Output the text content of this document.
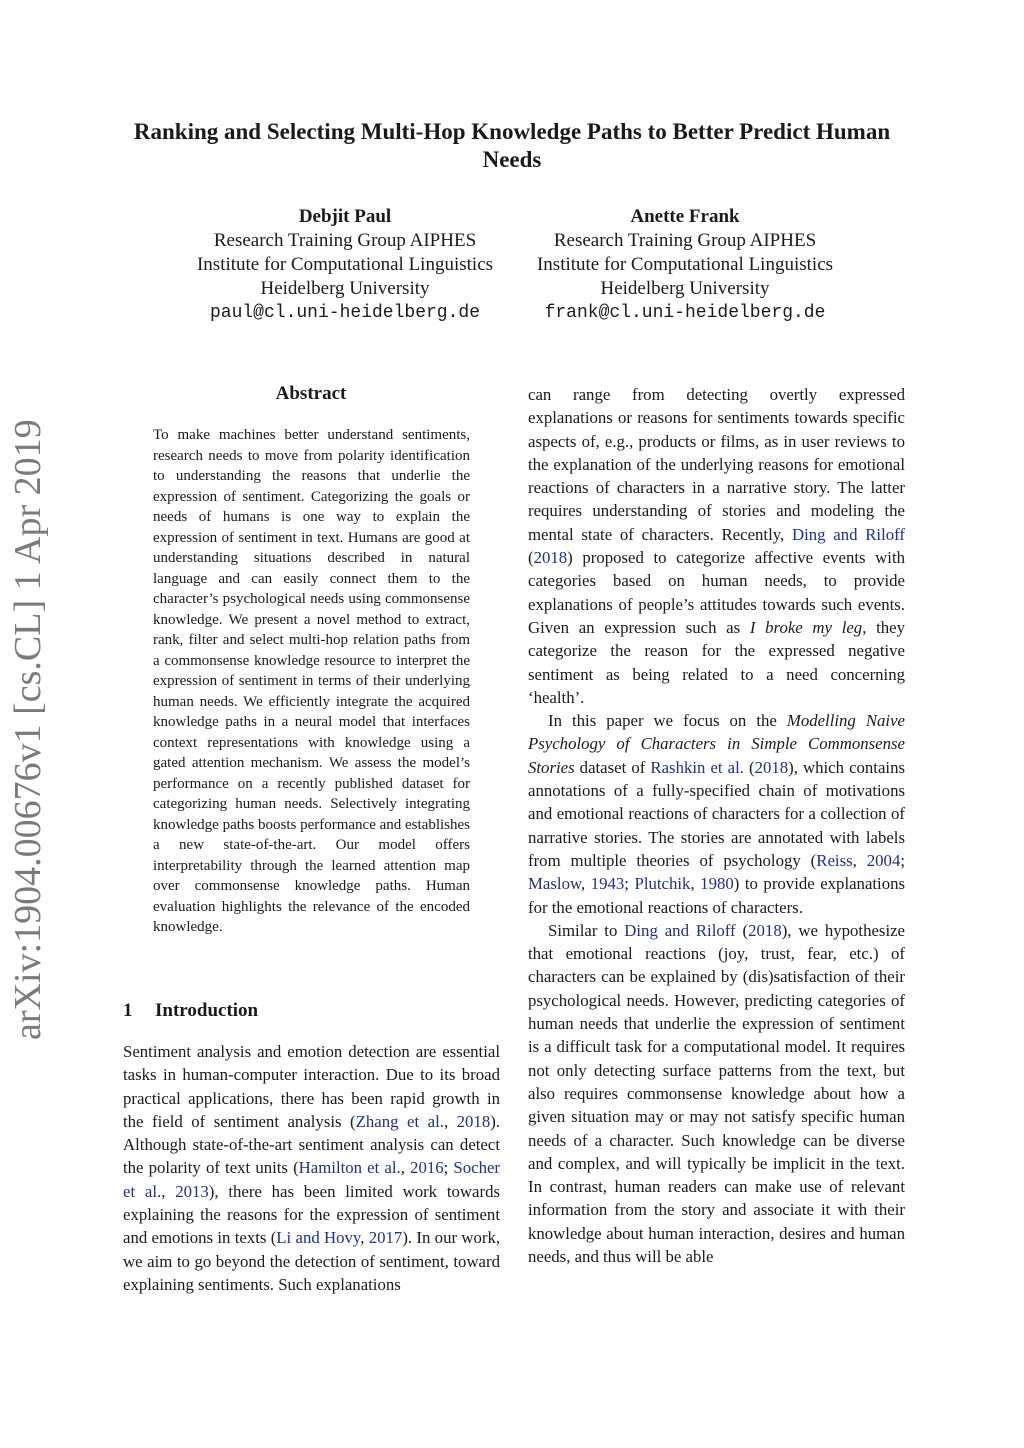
Ranking and Selecting Multi-Hop Knowledge Paths to Better Predict Human Needs
Debjit Paul
Research Training Group AIPHES
Institute for Computational Linguistics
Heidelberg University
paul@cl.uni-heidelberg.de
Anette Frank
Research Training Group AIPHES
Institute for Computational Linguistics
Heidelberg University
frank@cl.uni-heidelberg.de
arXiv:1904.00676v1 [cs.CL] 1 Apr 2019
Abstract

To make machines better understand sentiments, research needs to move from polarity identification to understanding the reasons that underlie the expression of sentiment. Categorizing the goals or needs of humans is one way to explain the expression of sentiment in text. Humans are good at understanding situations described in natural language and can easily connect them to the character’s psychological needs using commonsense knowledge. We present a novel method to extract, rank, filter and select multi-hop relation paths from a commonsense knowledge resource to interpret the expression of sentiment in terms of their underlying human needs. We efficiently integrate the acquired knowledge paths in a neural model that interfaces context representations with knowledge using a gated attention mechanism. We assess the model’s performance on a recently published dataset for categorizing human needs. Selectively integrating knowledge paths boosts performance and establishes a new state-of-the-art. Our model offers interpretability through the learned attention map over commonsense knowledge paths. Human evaluation highlights the relevance of the encoded knowledge.

1 Introduction

Sentiment analysis and emotion detection are essential tasks in human-computer interaction. Due to its broad practical applications, there has been rapid growth in the field of sentiment analysis (Zhang et al., 2018). Although state-of-the-art sentiment analysis can detect the polarity of text units (Hamilton et al., 2016; Socher et al., 2013), there has been limited work towards explaining the reasons for the expression of sentiment and emotions in texts (Li and Hovy, 2017). In our work, we aim to go beyond the detection of sentiment, toward explaining sentiments. Such explanations

can range from detecting overtly expressed explanations or reasons for sentiments towards specific aspects of, e.g., products or films, as in user reviews to the explanation of the underlying reasons for emotional reactions of characters in a narrative story. The latter requires understanding of stories and modeling the mental state of characters. Recently, Ding and Riloff (2018) proposed to categorize affective events with categories based on human needs, to provide explanations of people’s attitudes towards such events. Given an expression such as I broke my leg, they categorize the reason for the expressed negative sentiment as being related to a need concerning ‘health’.

In this paper we focus on the Modelling Naive Psychology of Characters in Simple Commonsense Stories dataset of Rashkin et al. (2018), which contains annotations of a fully-specified chain of motivations and emotional reactions of characters for a collection of narrative stories. The stories are annotated with labels from multiple theories of psychology (Reiss, 2004; Maslow, 1943; Plutchik, 1980) to provide explanations for the emotional reactions of characters.

Similar to Ding and Riloff (2018), we hypothesize that emotional reactions (joy, trust, fear, etc.) of characters can be explained by (dis)satisfaction of their psychological needs. However, predicting categories of human needs that underlie the expression of sentiment is a difficult task for a computational model. It requires not only detecting surface patterns from the text, but also requires commonsense knowledge about how a given situation may or may not satisfy specific human needs of a character. Such knowledge can be diverse and complex, and will typically be implicit in the text. In contrast, human readers can make use of relevant information from the story and associate it with their knowledge about human interaction, desires and human needs, and thus will be able
